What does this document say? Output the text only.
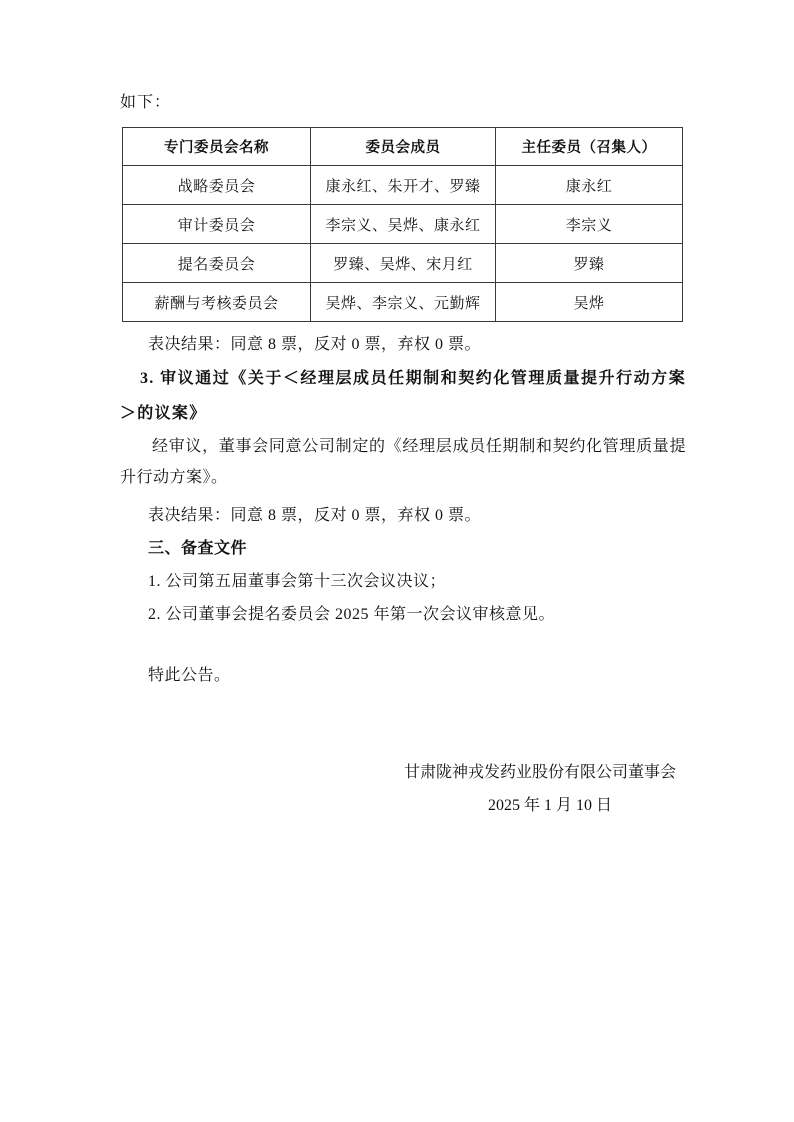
如下：

专门委员会名称	委员会成员	主任委员（召集人）
战略委员会	康永红、朱开才、罗臻	康永红
审计委员会	李宗义、吴烨、康永红	李宗义
提名委员会	罗臻、吴烨、宋月红	罗臻
薪酬与考核委员会	吴烨、李宗义、元勤辉	吴烨

表决结果：同意 8 票，反对 0 票，弃权 0 票。

3. 审议通过《关于＜经理层成员任期制和契约化管理质量提升行动方案＞的议案》

经审议，董事会同意公司制定的《经理层成员任期制和契约化管理质量提升行动方案》。

表决结果：同意 8 票，反对 0 票，弃权 0 票。

三、备查文件

1. 公司第五届董事会第十三次会议决议；

2. 公司董事会提名委员会 2025 年第一次会议审核意见。

特此公告。

甘肃陇神戎发药业股份有限公司董事会

2025 年 1 月 10 日
